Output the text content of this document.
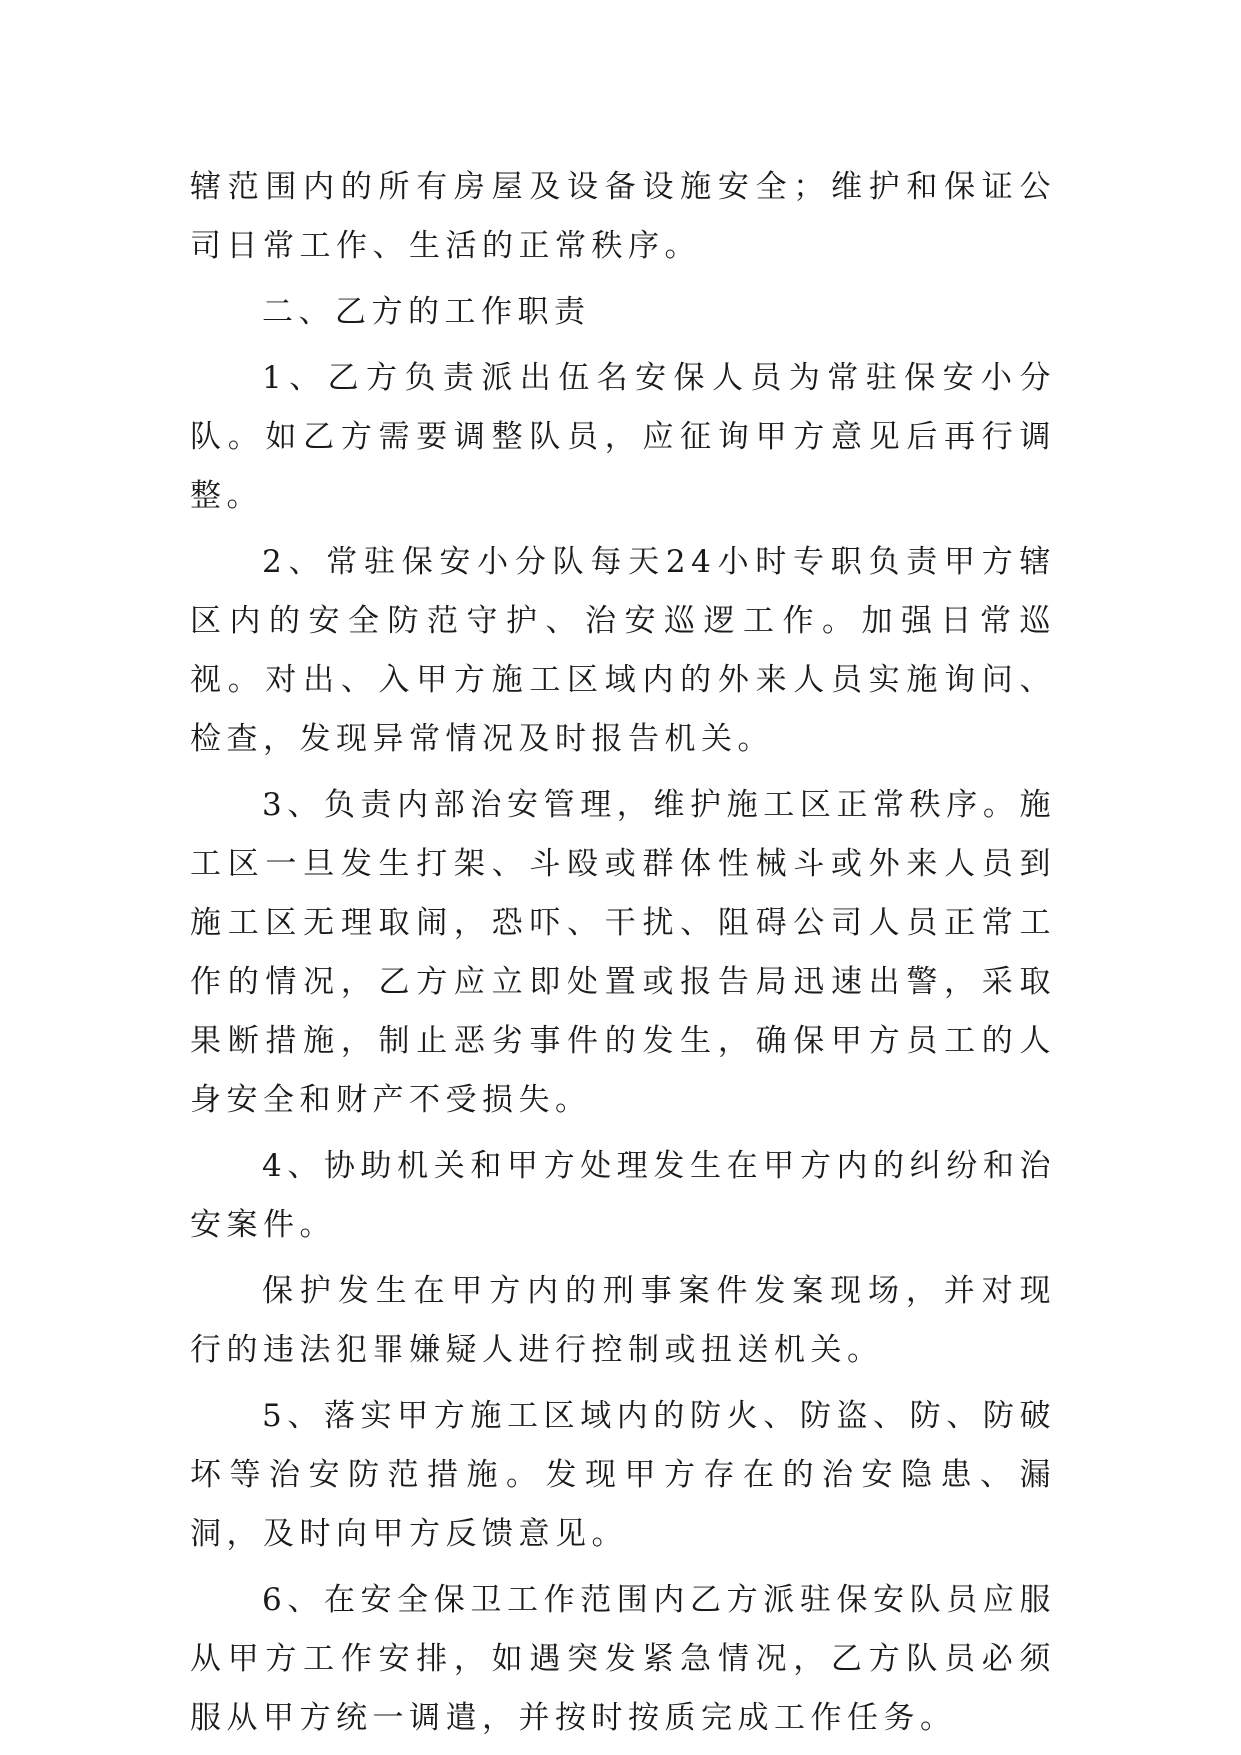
辖范围内的所有房屋及设备设施安全；维护和保证公司日常工作、生活的正常秩序。

二、乙方的工作职责

1、乙方负责派出伍名安保人员为常驻保安小分队。如乙方需要调整队员，应征询甲方意见后再行调整。

2、常驻保安小分队每天24小时专职负责甲方辖区内的安全防范守护、治安巡逻工作。加强日常巡视。对出、入甲方施工区域内的外来人员实施询问、检查，发现异常情况及时报告机关。

3、负责内部治安管理，维护施工区正常秩序。施工区一旦发生打架、斗殴或群体性械斗或外来人员到施工区无理取闹，恐吓、干扰、阻碍公司人员正常工作的情况，乙方应立即处置或报告局迅速出警，采取果断措施，制止恶劣事件的发生，确保甲方员工的人身安全和财产不受损失。

4、协助机关和甲方处理发生在甲方内的纠纷和治安案件。

保护发生在甲方内的刑事案件发案现场，并对现行的违法犯罪嫌疑人进行控制或扭送机关。

5、落实甲方施工区域内的防火、防盗、防、防破坏等治安防范措施。发现甲方存在的治安隐患、漏洞，及时向甲方反馈意见。

6、在安全保卫工作范围内乙方派驻保安队员应服从甲方工作安排，如遇突发紧急情况，乙方队员必须服从甲方统一调遣，并按时按质完成工作任务。
